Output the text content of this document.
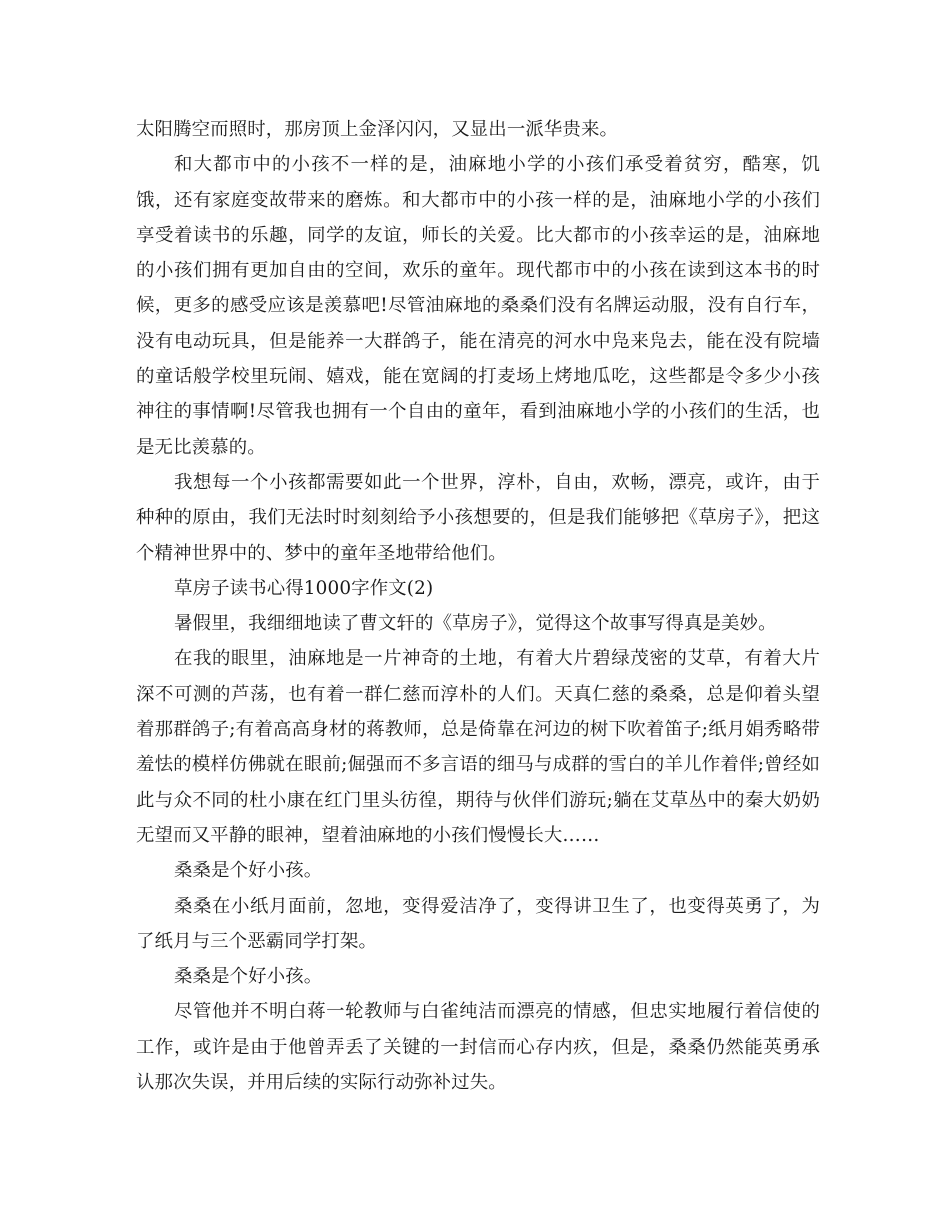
太阳腾空而照时，那房顶上金泽闪闪，又显出一派华贵来。

和大都市中的小孩不一样的是，油麻地小学的小孩们承受着贫穷，酷寒，饥饿，还有家庭变故带来的磨炼。和大都市中的小孩一样的是，油麻地小学的小孩们享受着读书的乐趣，同学的友谊，师长的关爱。比大都市的小孩幸运的是，油麻地的小孩们拥有更加自由的空间，欢乐的童年。现代都市中的小孩在读到这本书的时候，更多的感受应该是羡慕吧!尽管油麻地的桑桑们没有名牌运动服，没有自行车，没有电动玩具，但是能养一大群鸽子，能在清亮的河水中凫来凫去，能在没有院墙的童话般学校里玩闹、嬉戏，能在宽阔的打麦场上烤地瓜吃，这些都是令多少小孩神往的事情啊!尽管我也拥有一个自由的童年，看到油麻地小学的小孩们的生活，也是无比羡慕的。

我想每一个小孩都需要如此一个世界，淳朴，自由，欢畅，漂亮，或许，由于种种的原由，我们无法时时刻刻给予小孩想要的，但是我们能够把《草房子》，把这个精神世界中的、梦中的童年圣地带给他们。

草房子读书心得1000字作文(2)

暑假里，我细细地读了曹文轩的《草房子》，觉得这个故事写得真是美妙。

在我的眼里，油麻地是一片神奇的土地，有着大片碧绿茂密的艾草，有着大片深不可测的芦荡，也有着一群仁慈而淳朴的人们。天真仁慈的桑桑，总是仰着头望着那群鸽子;有着高高身材的蒋教师，总是倚靠在河边的树下吹着笛子;纸月娟秀略带羞怯的模样仿佛就在眼前;倔强而不多言语的细马与成群的雪白的羊儿作着伴;曾经如此与众不同的杜小康在红门里头彷徨，期待与伙伴们游玩;躺在艾草丛中的秦大奶奶无望而又平静的眼神，望着油麻地的小孩们慢慢长大……

桑桑是个好小孩。

桑桑在小纸月面前，忽地，变得爱洁净了，变得讲卫生了，也变得英勇了，为了纸月与三个恶霸同学打架。

桑桑是个好小孩。

尽管他并不明白蒋一轮教师与白雀纯洁而漂亮的情感，但忠实地履行着信使的工作，或许是由于他曾弄丢了关键的一封信而心存内疚，但是，桑桑仍然能英勇承认那次失误，并用后续的实际行动弥补过失。
